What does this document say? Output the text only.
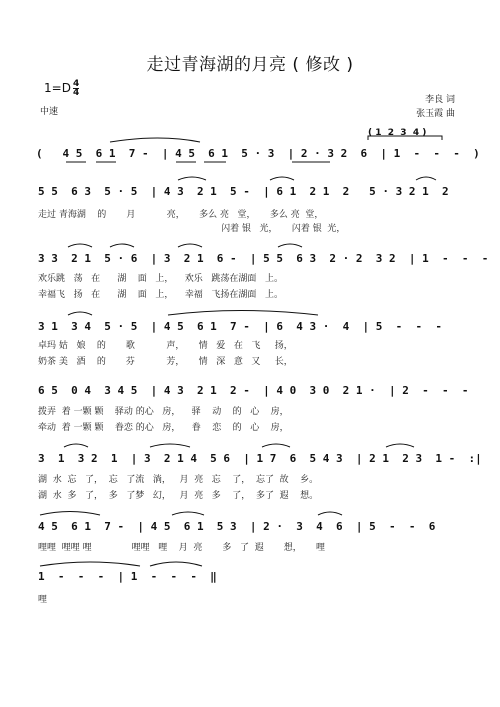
走过青海湖的月亮 ( 修改 )
$1=D \frac{4}{4}$
中速
李良 词
张玉霞 曲
( 1  2  3  4 )
(   4 5  6 1  7 -  | 4 5  6 1  5 · 3  | 2 · 3 2  6  | 1  -  -  -  )
5 5  6 3  5 · 5  | 4 3  2 1  5 -  | 6 1  2 1  2   5 · 3 2 1  2
走过 青海湖    的       月           亮，     多么 亮   堂，     多么 亮  堂，
闪着 银   光，     闪着 银  光，
3 3  2 1  5 · 6  | 3  2 1  6 -  | 5 5  6 3  2 · 2  3 2  | 1  -  -  -
欢乐跳   荡   在      湖    面   上，    欢乐   跳荡在湖面   上。
幸福飞   扬   在      湖    面   上，    幸福   飞扬在湖面   上。
3 1  3 4  5 · 5  | 4 5  6 1  7 -  | 6  4 3 ·  4  | 5  -  -  -
卓玛 姑   娘    的       歌           声，     情   爱   在   飞     扬，
奶茶 美   酒    的       芬           芳，     情   深   意   又     长，
6 5  0 4  3 4 5  | 4 3  2 1  2 -  | 4 0  3 0  2 1 ·  | 2  -  -  -
拨弄  着 一颗 颗    驿动 的心   房，    驿    动    的   心    房，
牵动  着 一颗 颗    眷恋 的心   房，    眷    恋    的   心    房，
3  1  3 2  1  | 3  2 1 4  5 6  | 1 7  6  5 4 3  | 2 1  2 3  1 -  :|
湖  水  忘   了，  忘   了流   淌，   月  亮   忘    了，  忘了  故    乡。
湖  水  多   了，  多   了梦   幻，   月  亮   多    了，  多了  遐    想。
4 5  6 1  7 -  | 4 5  6 1  5 3  | 2 ·  3  4  6  | 5  -  -  6
哩哩  哩哩 哩              哩哩   哩    月  亮       多   了  遐       想，     哩
1  -  -  -  | 1  -  -  -  ‖
哩
